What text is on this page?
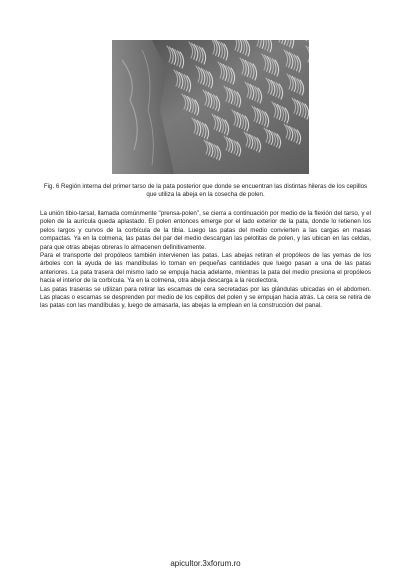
Fig. 6 Región interna del primer tarso de la pata posterior que donde se encuentran las distintas hileras de los cepillos que utiliza la abeja en la cosecha de polen.

La unión tibio-tarsal, llamada comúnmente "prensa-polen", se cierra a continuación por medio de la flexión del tarso, y el polen de la aurícula queda aplastado. El polen entonces emerge por el lado exterior de la pata, donde lo retienen los pelos largos y curvos de la corbícula de la tibia. Luego las patas del medio convierten a las cargas en masas compactas. Ya en la colmena, las patas del par del medio descargan las pelotitas de polen, y las ubican en las celdas, para que otras abejas obreras lo almacenen definitivamente.

Para el transporte del propóleos también intervienen las patas. Las abejas retiran el propóleos de las yemas de los árboles con la ayuda de las mandíbulas lo toman en pequeñas cantidades que luego pasan a una de las patas anteriores. La pata trasera del mismo lado se empuja hacia adelante, mientras la pata del medio presiona el propóleos hacia el interior de la corbícula. Ya en la colmena, otra abeja descarga a la recolectora.

Las patas traseras se utilizan para retirar las escamas de cera secretadas por las glándulas ubicadas en el abdomen. Las placas o escamas se desprenden por medio de los cepillos del polen y se empujan hacia atrás. La cera se retira de las patas con las mandíbulas y, luego de amasarla, las abejas la emplean en la construcción del panal.

apicultor.3xforum.ro
